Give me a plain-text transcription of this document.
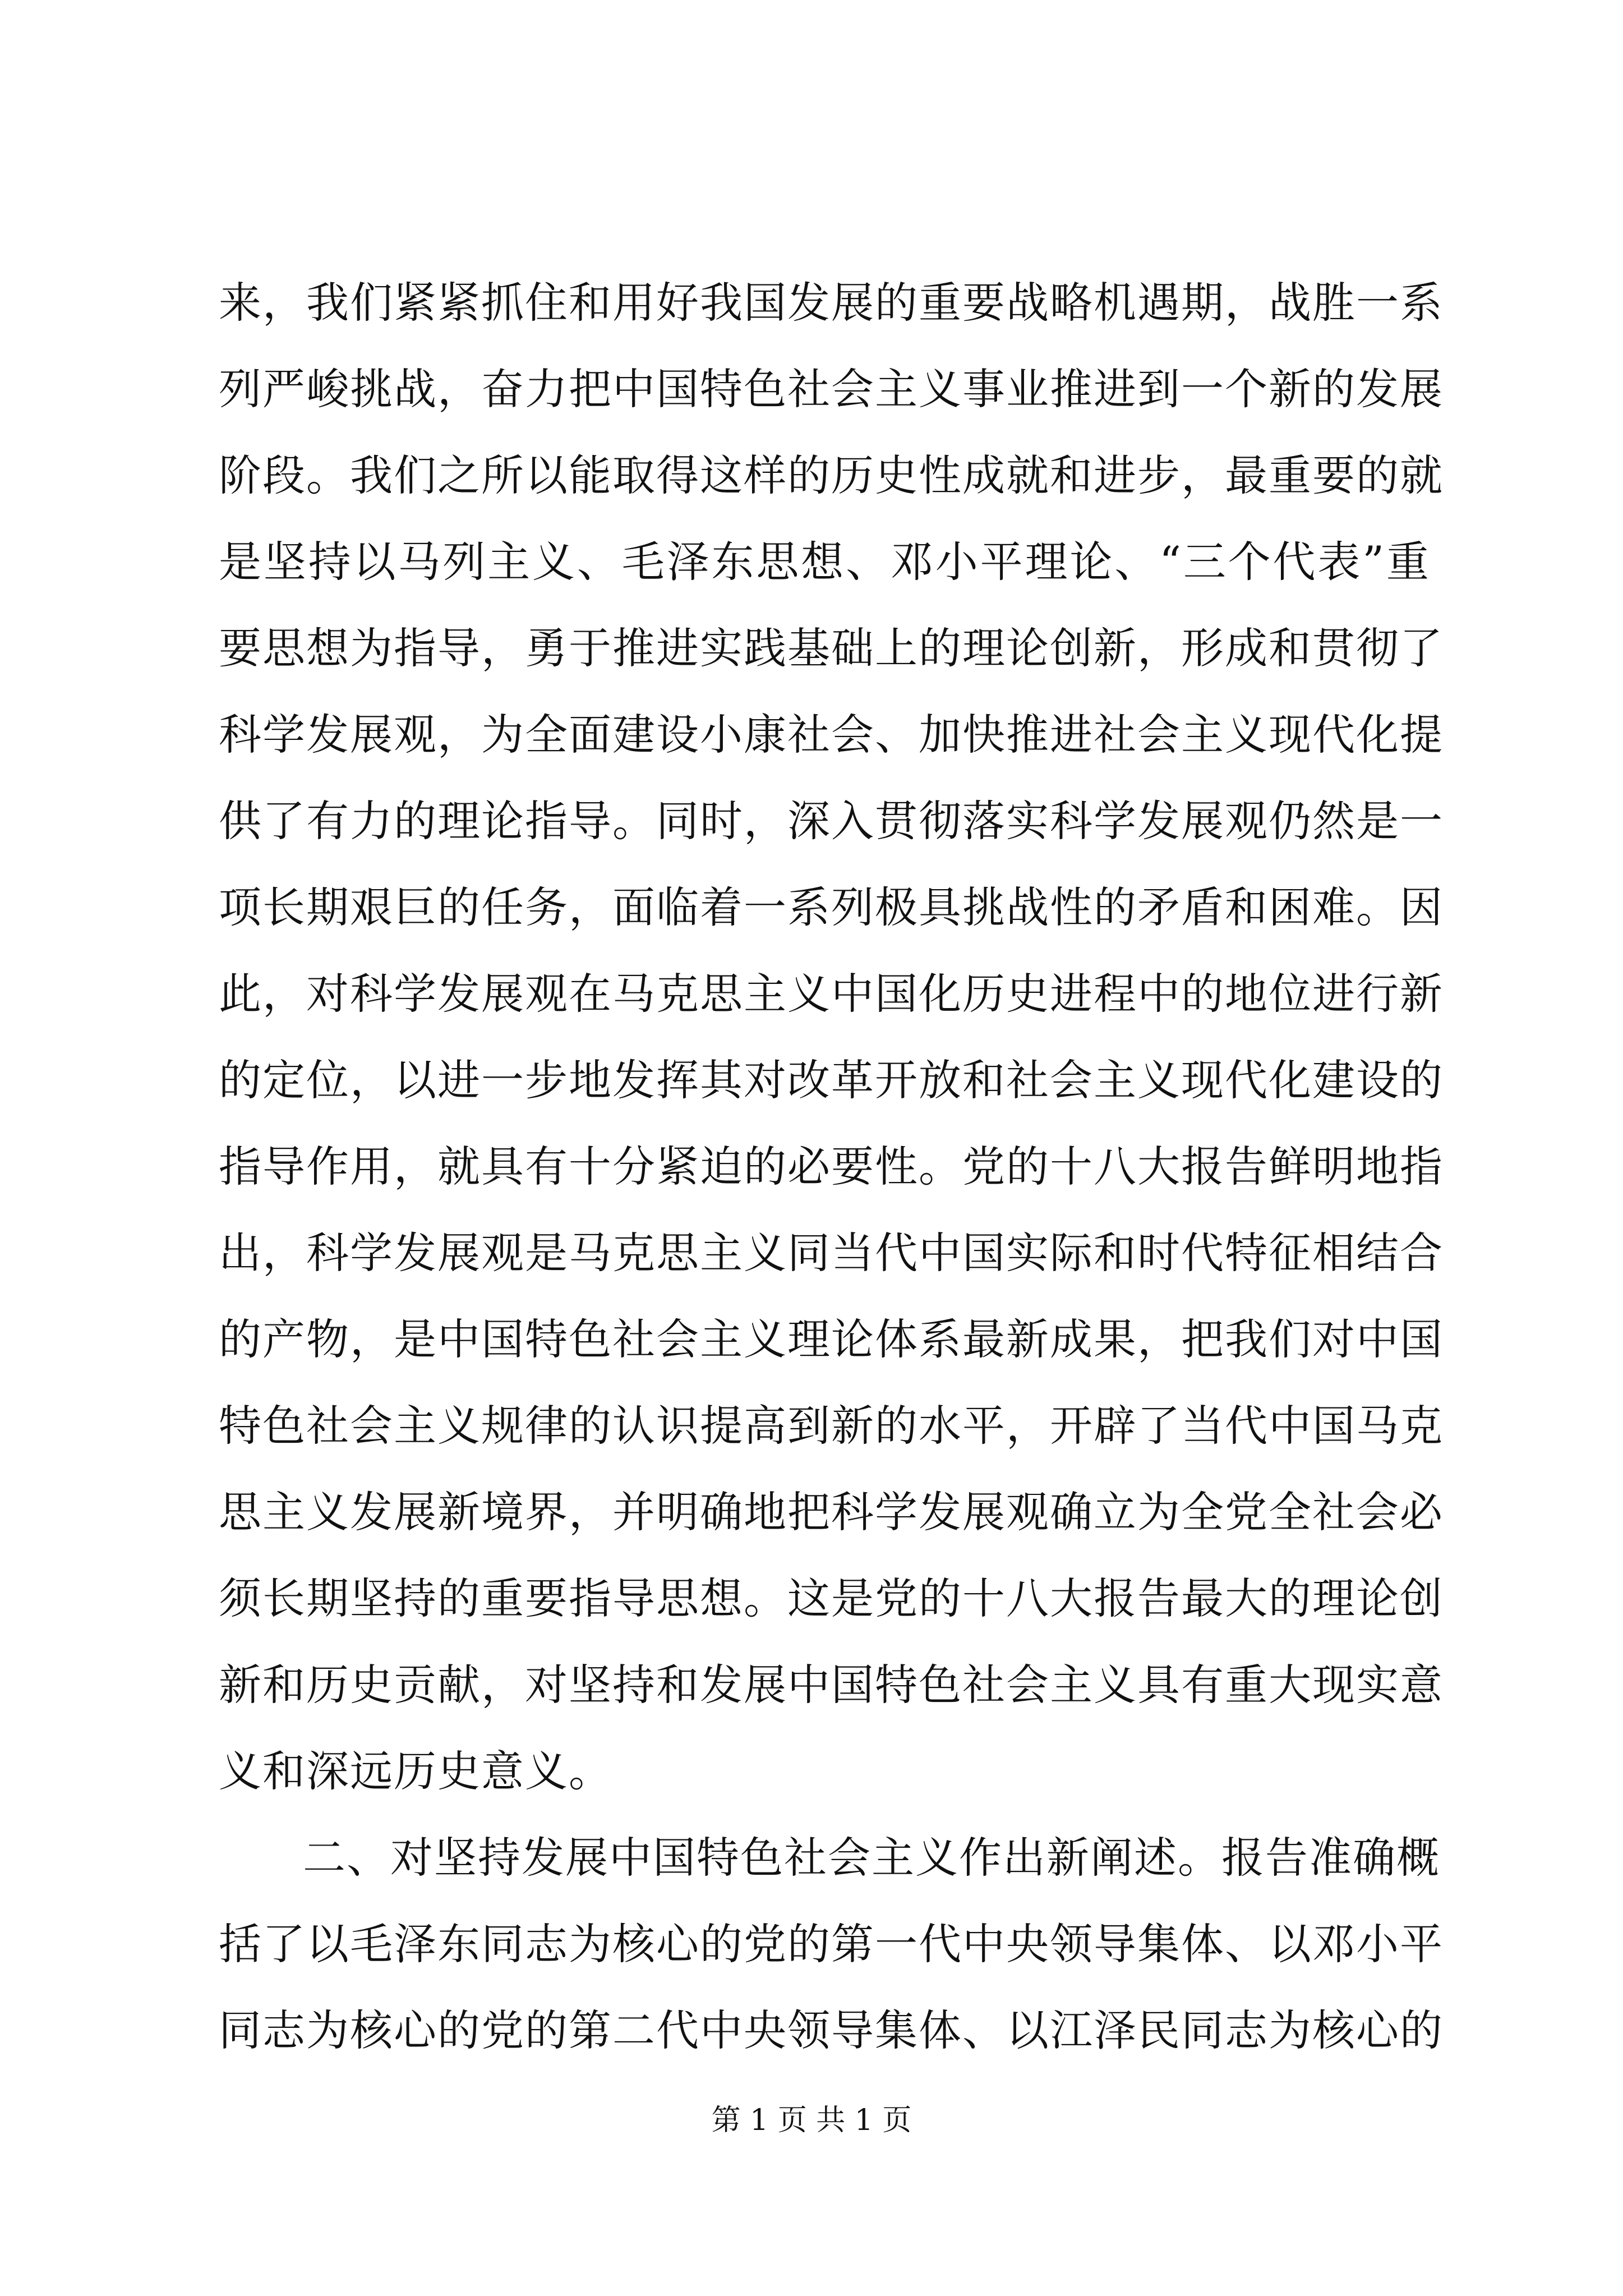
来，我们紧紧抓住和用好我国发展的重要战略机遇期，战胜一系
列严峻挑战，奋力把中国特色社会主义事业推进到一个新的发展
阶段。我们之所以能取得这样的历史性成就和进步，最重要的就
是坚持以马列主义、毛泽东思想、邓小平理论、“三个代表”重
要思想为指导，勇于推进实践基础上的理论创新，形成和贯彻了
科学发展观，为全面建设小康社会、加快推进社会主义现代化提
供了有力的理论指导。同时，深入贯彻落实科学发展观仍然是一
项长期艰巨的任务，面临着一系列极具挑战性的矛盾和困难。因
此，对科学发展观在马克思主义中国化历史进程中的地位进行新
的定位，以进一步地发挥其对改革开放和社会主义现代化建设的
指导作用，就具有十分紧迫的必要性。党的十八大报告鲜明地指
出，科学发展观是马克思主义同当代中国实际和时代特征相结合
的产物，是中国特色社会主义理论体系最新成果，把我们对中国
特色社会主义规律的认识提高到新的水平，开辟了当代中国马克
思主义发展新境界，并明确地把科学发展观确立为全党全社会必
须长期坚持的重要指导思想。这是党的十八大报告最大的理论创
新和历史贡献，对坚持和发展中国特色社会主义具有重大现实意
义和深远历史意义。
二、对坚持发展中国特色社会主义作出新阐述。报告准确概
括了以毛泽东同志为核心的党的第一代中央领导集体、以邓小平
同志为核心的党的第二代中央领导集体、以江泽民同志为核心的
第 1 页 共 1 页
